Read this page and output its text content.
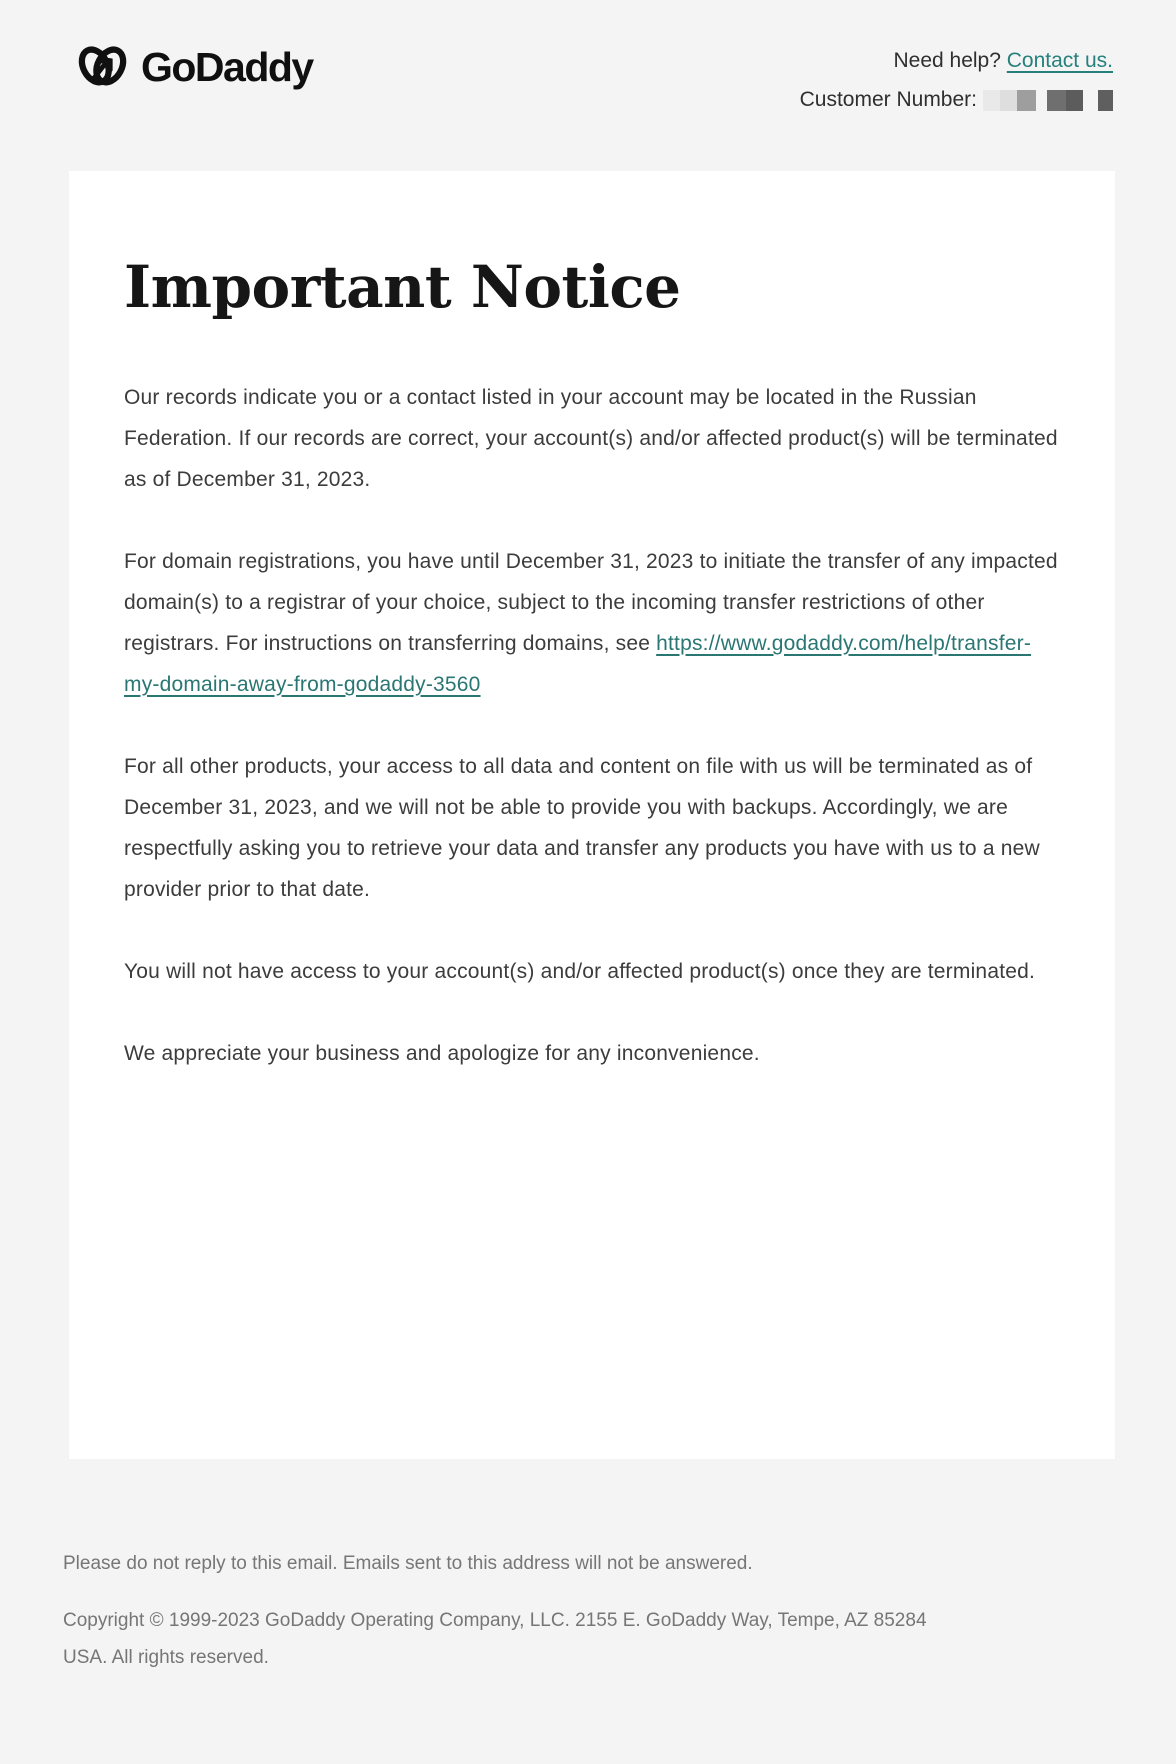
GoDaddy	Need help? Contact us.
Customer Number:
Important Notice

Our records indicate you or a contact listed in your account may be located in the Russian Federation. If our records are correct, your account(s) and/or affected product(s) will be terminated as of December 31, 2023.

For domain registrations, you have until December 31, 2023 to initiate the transfer of any impacted domain(s) to a registrar of your choice, subject to the incoming transfer restrictions of other registrars. For instructions on transferring domains, see https://www.godaddy.com/help/transfer-my-domain-away-from-godaddy-3560

For all other products, your access to all data and content on file with us will be terminated as of December 31, 2023, and we will not be able to provide you with backups. Accordingly, we are respectfully asking you to retrieve your data and transfer any products you have with us to a new provider prior to that date.

You will not have access to your account(s) and/or affected product(s) once they are terminated.

We appreciate your business and apologize for any inconvenience.

Please do not reply to this email. Emails sent to this address will not be answered.

Copyright © 1999-2023 GoDaddy Operating Company, LLC. 2155 E. GoDaddy Way, Tempe, AZ 85284
USA. All rights reserved.
